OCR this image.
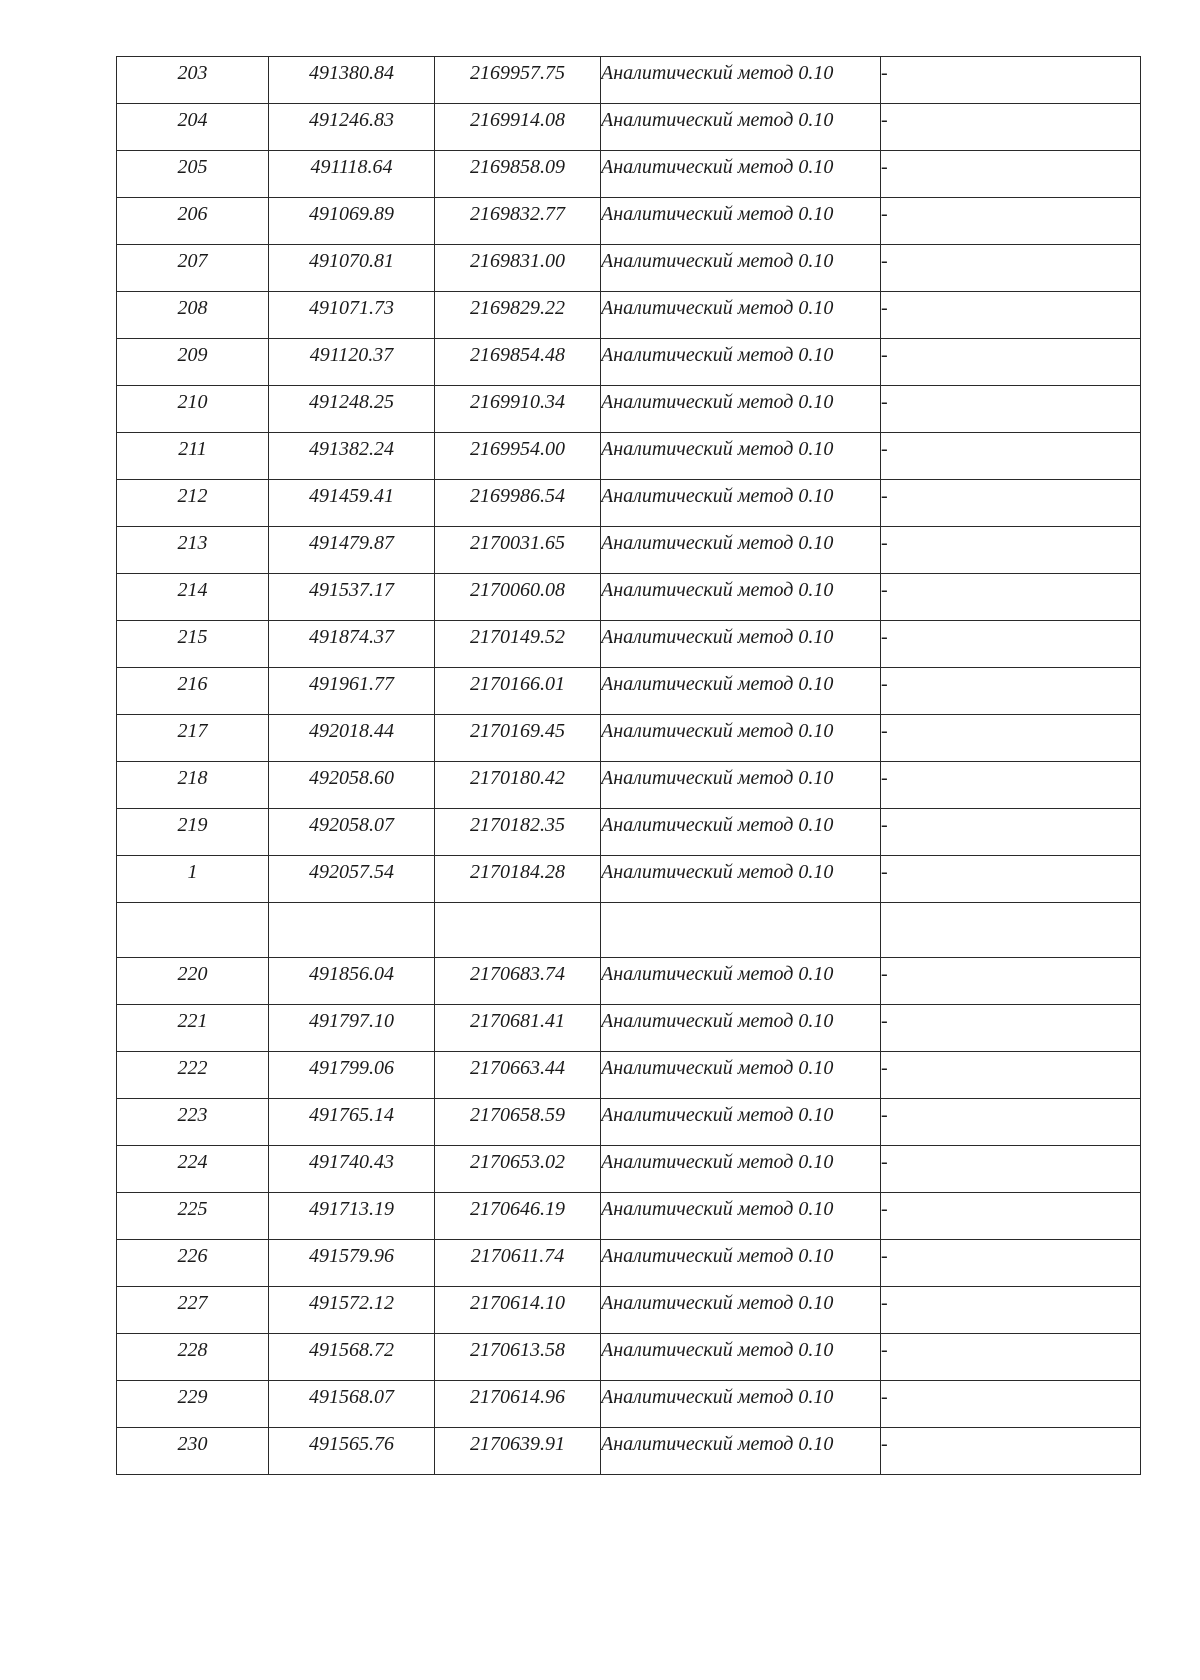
203	491380.84	2169957.75	Аналитический метод 0.10	-
204	491246.83	2169914.08	Аналитический метод 0.10	-
205	491118.64	2169858.09	Аналитический метод 0.10	-
206	491069.89	2169832.77	Аналитический метод 0.10	-
207	491070.81	2169831.00	Аналитический метод 0.10	-
208	491071.73	2169829.22	Аналитический метод 0.10	-
209	491120.37	2169854.48	Аналитический метод 0.10	-
210	491248.25	2169910.34	Аналитический метод 0.10	-
211	491382.24	2169954.00	Аналитический метод 0.10	-
212	491459.41	2169986.54	Аналитический метод 0.10	-
213	491479.87	2170031.65	Аналитический метод 0.10	-
214	491537.17	2170060.08	Аналитический метод 0.10	-
215	491874.37	2170149.52	Аналитический метод 0.10	-
216	491961.77	2170166.01	Аналитический метод 0.10	-
217	492018.44	2170169.45	Аналитический метод 0.10	-
218	492058.60	2170180.42	Аналитический метод 0.10	-
219	492058.07	2170182.35	Аналитический метод 0.10	-
1	492057.54	2170184.28	Аналитический метод 0.10	-

220	491856.04	2170683.74	Аналитический метод 0.10	-
221	491797.10	2170681.41	Аналитический метод 0.10	-
222	491799.06	2170663.44	Аналитический метод 0.10	-
223	491765.14	2170658.59	Аналитический метод 0.10	-
224	491740.43	2170653.02	Аналитический метод 0.10	-
225	491713.19	2170646.19	Аналитический метод 0.10	-
226	491579.96	2170611.74	Аналитический метод 0.10	-
227	491572.12	2170614.10	Аналитический метод 0.10	-
228	491568.72	2170613.58	Аналитический метод 0.10	-
229	491568.07	2170614.96	Аналитический метод 0.10	-
230	491565.76	2170639.91	Аналитический метод 0.10	-
